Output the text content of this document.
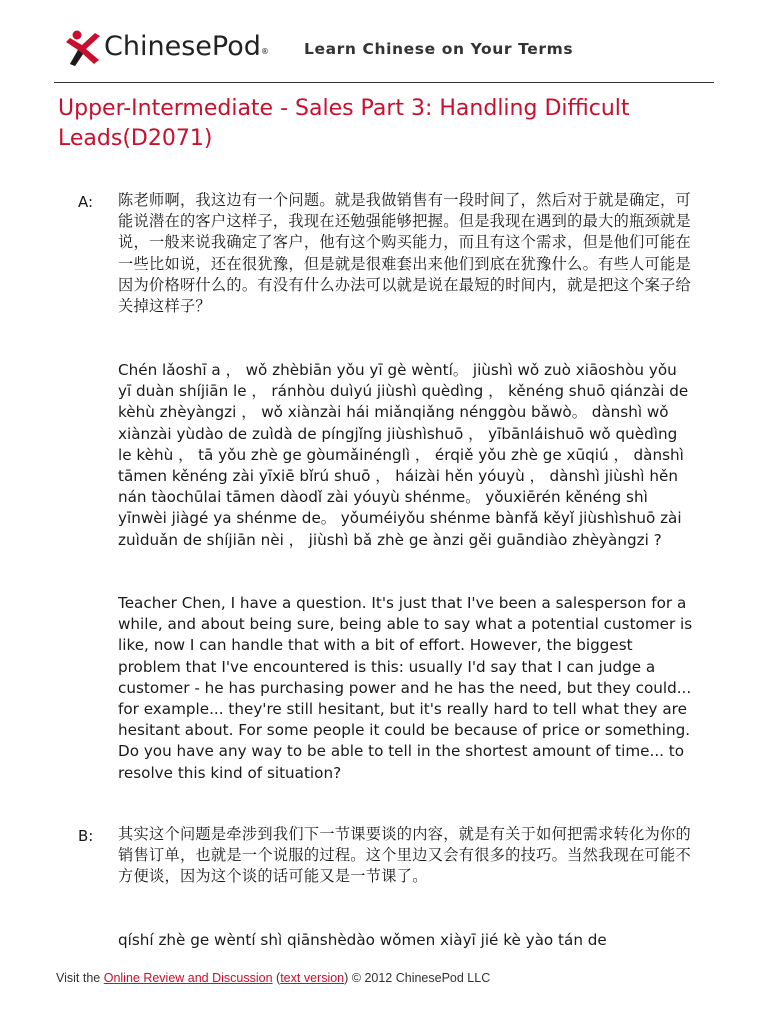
ChinesePod® Learn Chinese on Your Terms
Upper-Intermediate - Sales Part 3: Handling Difficult Leads(D2071)
A: 陈老师啊，我这边有一个问题。就是我做销售有一段时间了，然后对于就是确定，可能说潜在的客户这样子，我现在还勉强能够把握。但是我现在遇到的最大的瓶颈就是说，一般来说我确定了客户，他有这个购买能力，而且有这个需求，但是他们可能在一些比如说，还在很犹豫，但是就是很难套出来他们到底在犹豫什么。有些人可能是因为价格呀什么的。有没有什么办法可以就是说在最短的时间内，就是把这个案子给关掉这样子？

Chén lǎoshī a ， wǒ zhèbiān yǒu yī gè wèntí。 jiùshì wǒ zuò xiāoshòu yǒu yī duàn shíjiān le ， ránhòu duìyú jiùshì quèdìng ， kěnéng shuō qiánzài de kèhù zhèyàngzi ， wǒ xiànzài hái miǎnqiǎng nénggòu bǎwò。 dànshì wǒ xiànzài yùdào de zuìdà de píngjǐng jiùshìshuō ， yībānláishuō wǒ quèdìng le kèhù ， tā yǒu zhè ge gòumǎinénglì ， érqiě yǒu zhè ge xūqiú ， dànshì tāmen kěnéng zài yīxiē bǐrú shuō ， háizài hěn yóuyù ， dànshì jiùshì hěn nán tàochūlai tāmen dàodǐ zài yóuyù shénme。 yǒuxiērén kěnéng shì yīnwèi jiàgé ya shénme de。 yǒuméiyǒu shénme bànfǎ kěyǐ jiùshìshuō zài zuìduǎn de shíjiān nèi ， jiùshì bǎ zhè ge ànzi gěi guāndiào zhèyàngzi ?

Teacher Chen, I have a question. It's just that I've been a salesperson for a while, and about being sure, being able to say what a potential customer is like, now I can handle that with a bit of effort. However, the biggest problem that I've encountered is this: usually I'd say that I can judge a customer - he has purchasing power and he has the need, but they could... for example... they're still hesitant, but it's really hard to tell what they are hesitant about. For some people it could be because of price or something. Do you have any way to be able to tell in the shortest amount of time... to resolve this kind of situation?

B: 其实这个问题是牵涉到我们下一节课要谈的内容，就是有关于如何把需求转化为你的销售订单，也就是一个说服的过程。这个里边又会有很多的技巧。当然我现在可能不方便谈，因为这个谈的话可能又是一节课了。

qíshí zhè ge wèntí shì qiānshèdào wǒmen xiàyī jié kè yào tán de

Visit the Online Review and Discussion (text version) © 2012 ChinesePod LLC
